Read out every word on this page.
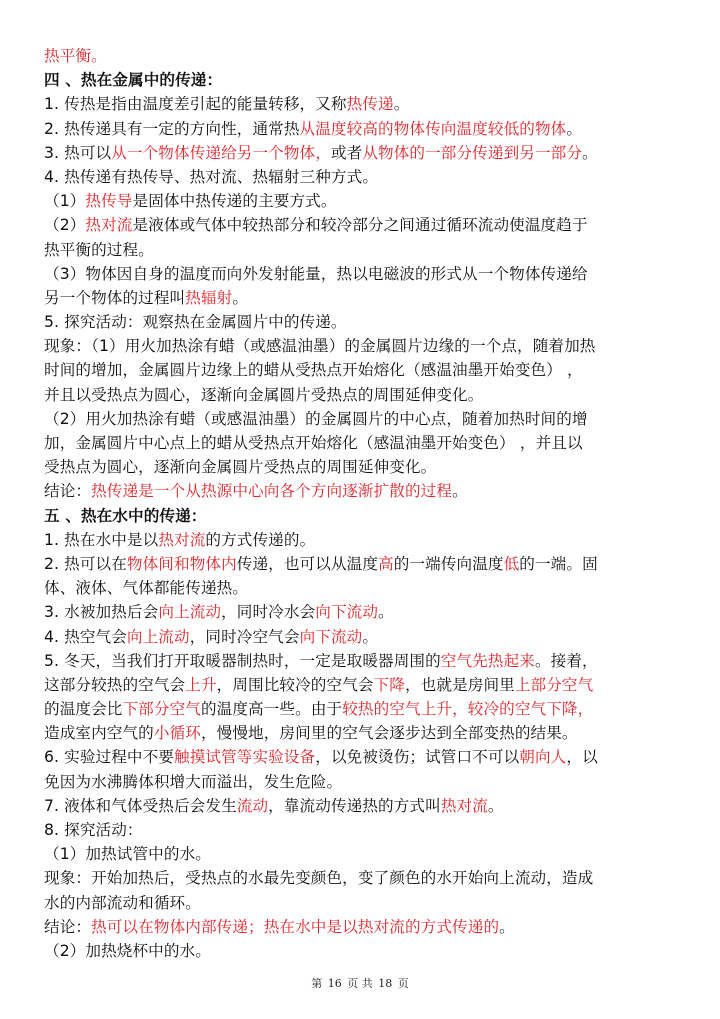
热平衡。
四 、热在金属中的传递：
1. 传热是指由温度差引起的能量转移，又称热传递。
2. 热传递具有一定的方向性，通常热从温度较高的物体传向温度较低的物体。
3. 热可以从一个物体传递给另一个物体，或者从物体的一部分传递到另一部分。
4. 热传递有热传导、热对流、热辐射三种方式。
（1）热传导是固体中热传递的主要方式。
（2）热对流是液体或气体中较热部分和较冷部分之间通过循环流动使温度趋于
热平衡的过程。
（3）物体因自身的温度而向外发射能量，热以电磁波的形式从一个物体传递给
另一个物体的过程叫热辐射。
5. 探究活动：观察热在金属圆片中的传递。
现象：（1）用火加热涂有蜡（或感温油墨）的金属圆片边缘的一个点，随着加热
时间的增加，金属圆片边缘上的蜡从受热点开始熔化（感温油墨开始变色） ，
并且以受热点为圆心，逐渐向金属圆片受热点的周围延伸变化。
（2）用火加热涂有蜡（或感温油墨）的金属圆片的中心点，随着加热时间的增
加，金属圆片中心点上的蜡从受热点开始熔化（感温油墨开始变色） ，并且以
受热点为圆心，逐渐向金属圆片受热点的周围延伸变化。
结论：热传递是一个从热源中心向各个方向逐渐扩散的过程。
五 、热在水中的传递：
1. 热在水中是以热对流的方式传递的。
2. 热可以在物体间和物体内传递，也可以从温度高的一端传向温度低的一端。固
体、液体、气体都能传递热。
3. 水被加热后会向上流动，同时冷水会向下流动。
4. 热空气会向上流动，同时冷空气会向下流动。
5. 冬天，当我们打开取暖器制热时，一定是取暖器周围的空气先热起来。接着，
这部分较热的空气会上升，周围比较冷的空气会下降，也就是房间里上部分空气
的温度会比下部分空气的温度高一些。由于较热的空气上升，较冷的空气下降，
造成室内空气的小循环，慢慢地，房间里的空气会逐步达到全部变热的结果。
6. 实验过程中不要触摸试管等实验设备，以免被烫伤；试管口不可以朝向人，以
免因为水沸腾体积增大而溢出，发生危险。
7. 液体和气体受热后会发生流动，靠流动传递热的方式叫热对流。
8. 探究活动：
（1）加热试管中的水。
现象：开始加热后，受热点的水最先变颜色，变了颜色的水开始向上流动，造成
水的内部流动和循环。
结论：热可以在物体内部传递；热在水中是以热对流的方式传递的。
（2）加热烧杯中的水。
第 16 页 共 18 页
